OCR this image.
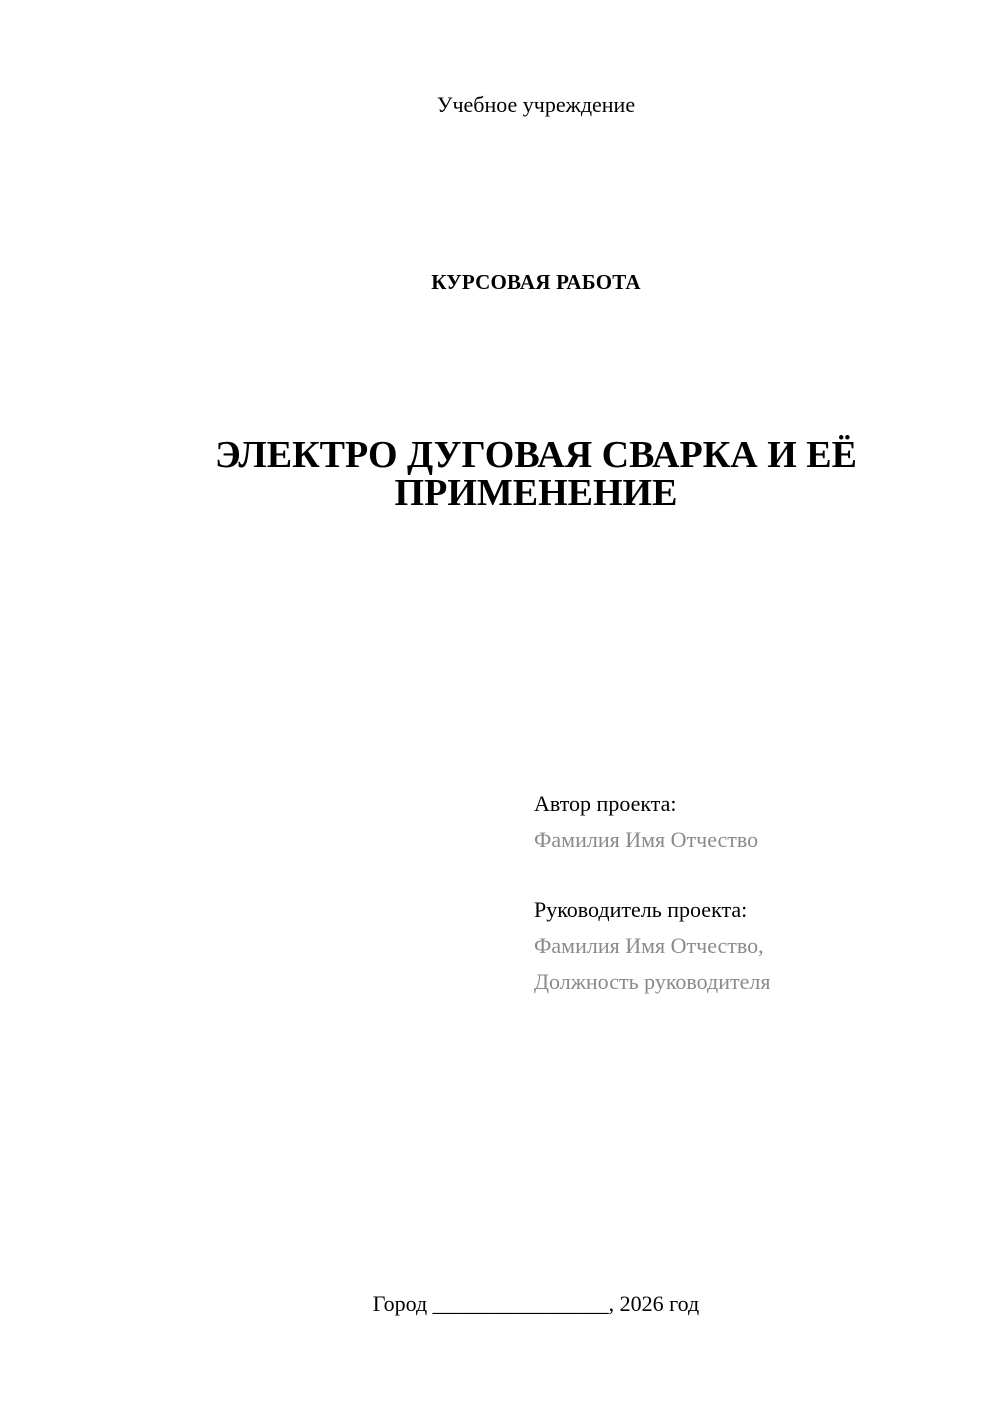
Учебное учреждение
КУРСОВАЯ РАБОТА
ЭЛЕКТРО ДУГОВАЯ СВАРКА И ЕЁ
ПРИМЕНЕНИЕ
Автор проекта:
Фамилия Имя Отчество
Руководитель проекта:
Фамилия Имя Отчество,
Должность руководителя
Город ________________, 2026 год
